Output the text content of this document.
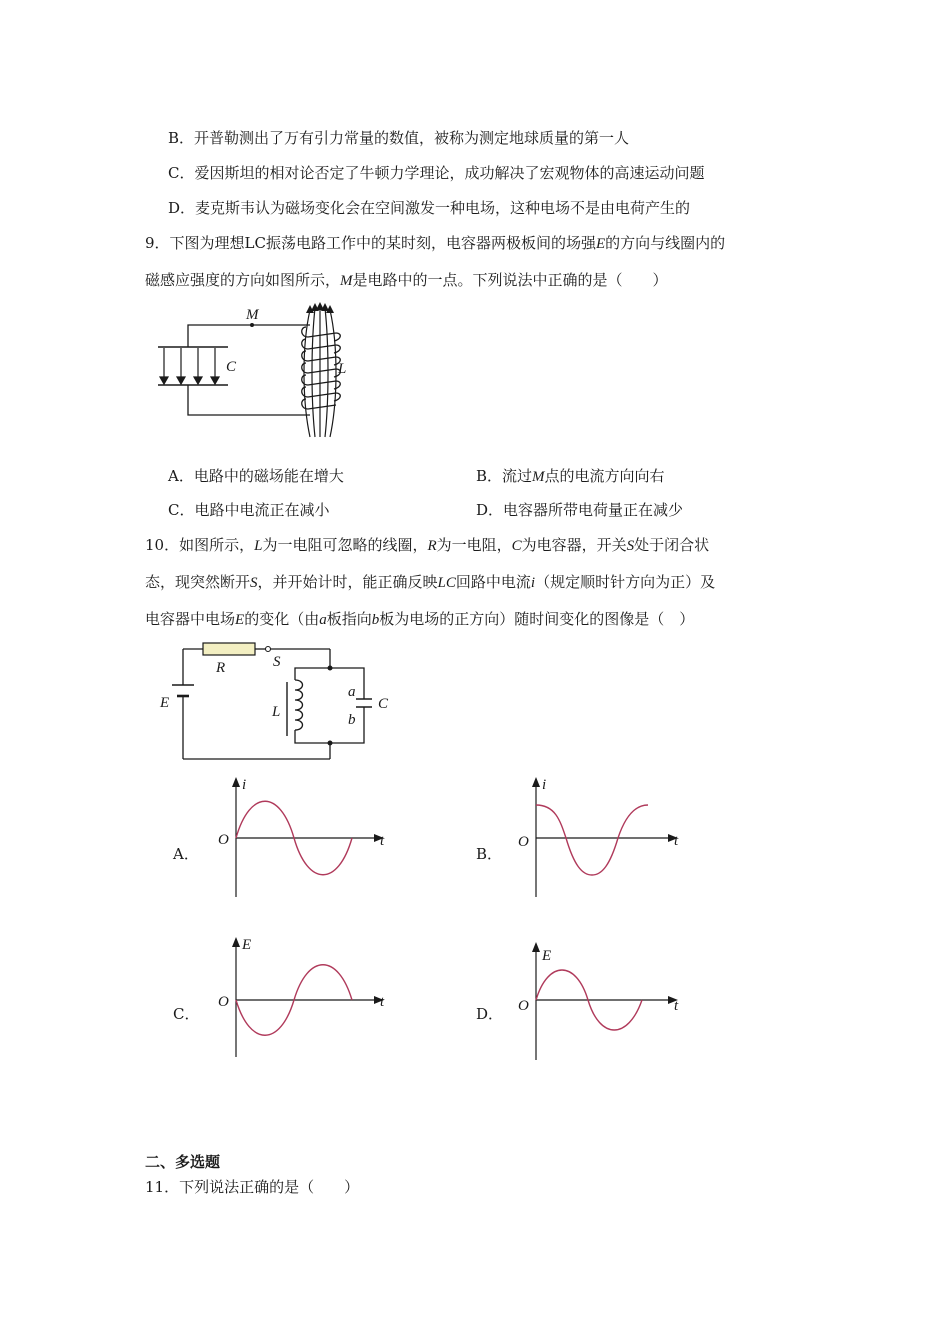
B．开普勒测出了万有引力常量的数值，被称为测定地球质量的第一人
C．爱因斯坦的相对论否定了牛顿力学理论，成功解决了宏观物体的高速运动问题
D．麦克斯韦认为磁场变化会在空间激发一种电场，这种电场不是由电荷产生的
9．下图为理想LC振荡电路工作中的某时刻，电容器两极板间的场强E的方向与线圈内的
磁感应强度的方向如图所示，M是电路中的一点。下列说法中正确的是（　　）
M
C	L
A．电路中的磁场能在增大	B．流过M点的电流方向向右
C．电路中电流正在减小	D．电容器所带电荷量正在减少
10．如图所示，L为一电阻可忽略的线圈，R为一电阻，C为电容器，开关S处于闭合状
态，现突然断开S，并开始计时，能正确反映LC回路中电流i（规定顺时针方向为正）及
电容器中电场E的变化（由a板指向b板为电场的正方向）随时间变化的图像是（　）
E
R	S
a
b
C
L
A．	B．
C．	D．
i
O	t
i
O	t
E
O	t
E
O	t
二、多选题
11．下列说法正确的是（　　）
